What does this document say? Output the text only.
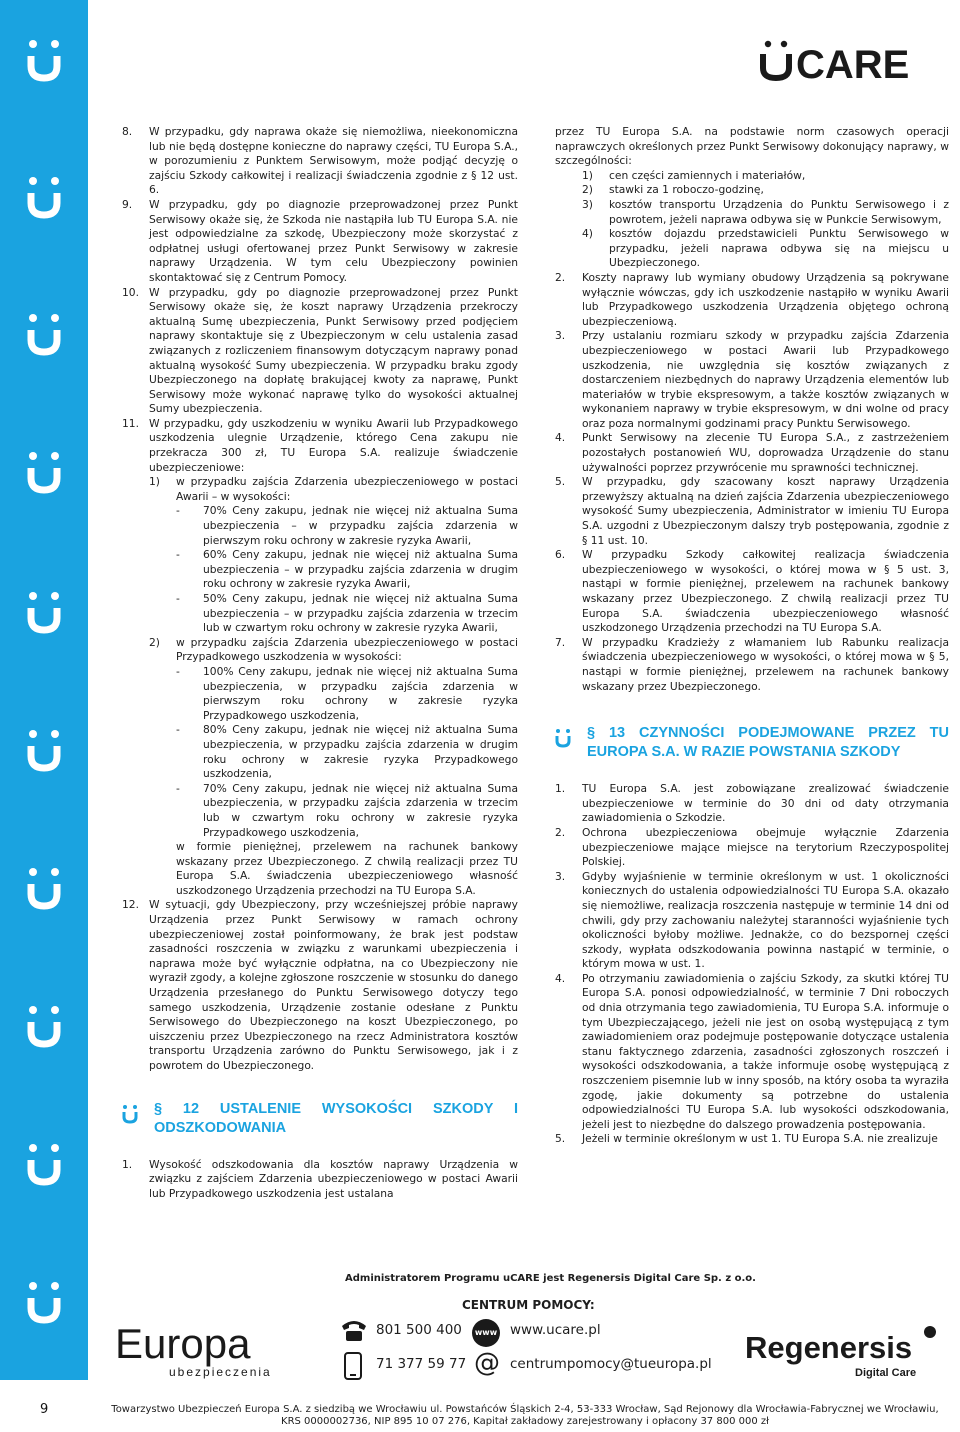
9
CARE
8. W przypadku, gdy naprawa okaże się niemożliwa, nieekonomiczna lub nie będą dostępne konieczne do naprawy części, TU Europa S.A., w porozumieniu z Punktem Serwisowym, może podjąć decyzję o zajściu Szkody całkowitej i realizacji świadczenia zgodnie z § 12 ust. 6.
9. W przypadku, gdy po diagnozie przeprowadzonej przez Punkt Serwisowy okaże się, że Szkoda nie nastąpiła lub TU Europa S.A. nie jest odpowiedzialne za szkodę, Ubezpieczony może skorzystać z odpłatnej usługi ofertowanej przez Punkt Serwisowy w zakresie naprawy Urządzenia. W tym celu Ubezpieczony powinien skontaktować się z Centrum Pomocy.
10. W przypadku, gdy po diagnozie przeprowadzonej przez Punkt Serwisowy okaże się, że koszt naprawy Urządzenia przekroczy aktualną Sumę ubezpieczenia, Punkt Serwisowy przed podjęciem naprawy skontaktuje się z Ubezpieczonym w celu ustalenia zasad związanych z rozliczeniem finansowym dotyczącym naprawy ponad aktualną wysokość Sumy ubezpieczenia. W przypadku braku zgody Ubezpieczonego na dopłatę brakującej kwoty za naprawę, Punkt Serwisowy może wykonać naprawę tylko do wysokości aktualnej Sumy ubezpieczenia.
11. W przypadku, gdy uszkodzeniu w wyniku Awarii lub Przypadkowego uszkodzenia ulegnie Urządzenie, którego Cena zakupu nie przekracza 300 zł, TU Europa S.A. realizuje świadczenie ubezpieczeniowe:
1) w przypadku zajścia Zdarzenia ubezpieczeniowego w postaci Awarii – w wysokości:
- 70% Ceny zakupu, jednak nie więcej niż aktualna Suma ubezpieczenia – w przypadku zajścia zdarzenia w pierwszym roku ochrony w zakresie ryzyka Awarii,
- 60% Ceny zakupu, jednak nie więcej niż aktualna Suma ubezpieczenia – w przypadku zajścia zdarzenia w drugim roku ochrony w zakresie ryzyka Awarii,
- 50% Ceny zakupu, jednak nie więcej niż aktualna Suma ubezpieczenia – w przypadku zajścia zdarzenia w trzecim lub w czwartym roku ochrony w zakresie ryzyka Awarii,
2) w przypadku zajścia Zdarzenia ubezpieczeniowego w postaci Przypadkowego uszkodzenia w wysokości:
- 100% Ceny zakupu, jednak nie więcej niż aktualna Suma ubezpieczenia, w przypadku zajścia zdarzenia w pierwszym roku ochrony w zakresie ryzyka Przypadkowego uszkodzenia,
- 80% Ceny zakupu, jednak nie więcej niż aktualna Suma ubezpieczenia, w przypadku zajścia zdarzenia w drugim roku ochrony w zakresie ryzyka Przypadkowego uszkodzenia,
- 70% Ceny zakupu, jednak nie więcej niż aktualna Suma ubezpieczenia, w przypadku zajścia zdarzenia w trzecim lub w czwartym roku ochrony w zakresie ryzyka Przypadkowego uszkodzenia,
w formie pieniężnej, przelewem na rachunek bankowy wskazany przez Ubezpieczonego. Z chwilą realizacji przez TU Europa S.A. świadczenia ubezpieczeniowego własność uszkodzonego Urządzenia przechodzi na TU Europa S.A.
12. W sytuacji, gdy Ubezpieczony, przy wcześniejszej próbie naprawy Urządzenia przez Punkt Serwisowy w ramach ochrony ubezpieczeniowej został poinformowany, że brak jest podstaw zasadności roszczenia w związku z warunkami ubezpieczenia i naprawa może być wyłącznie odpłatna, na co Ubezpieczony nie wyraził zgody, a kolejne zgłoszone roszczenie w stosunku do danego Urządzenia przesłanego do Punktu Serwisowego dotyczy tego samego uszkodzenia, Urządzenie zostanie odesłane z Punktu Serwisowego do Ubezpieczonego na koszt Ubezpieczonego, po uiszczeniu przez Ubezpieczonego na rzecz Administratora kosztów transportu Urządzenia zarówno do Punktu Serwisowego, jak i z powrotem do Ubezpieczonego.
§ 12 USTALENIE WYSOKOŚCI SZKODY I ODSZKODOWANIA
1. Wysokość odszkodowania dla kosztów naprawy Urządzenia w związku z zajściem Zdarzenia ubezpieczeniowego w postaci Awarii lub Przypadkowego uszkodzenia jest ustalana
przez TU Europa S.A. na podstawie norm czasowych operacji naprawczych określonych przez Punkt Serwisowy dokonujący naprawy, w szczególności:
1) cen części zamiennych i materiałów,
2) stawki za 1 roboczo-godzinę,
3) kosztów transportu Urządzenia do Punktu Serwisowego i z powrotem, jeżeli naprawa odbywa się w Punkcie Serwisowym,
4) kosztów dojazdu przedstawicieli Punktu Serwisowego w przypadku, jeżeli naprawa odbywa się na miejscu u Ubezpieczonego.
2. Koszty naprawy lub wymiany obudowy Urządzenia są pokrywane wyłącznie wówczas, gdy ich uszkodzenie nastąpiło w wyniku Awarii lub Przypadkowego uszkodzenia Urządzenia objętego ochroną ubezpieczeniową.
3. Przy ustalaniu rozmiaru szkody w przypadku zajścia Zdarzenia ubezpieczeniowego w postaci Awarii lub Przypadkowego uszkodzenia, nie uwzględnia się kosztów związanych z dostarczeniem niezbędnych do naprawy Urządzenia elementów lub materiałów w trybie ekspresowym, a także kosztów związanych w wykonaniem naprawy w trybie ekspresowym, w dni wolne od pracy oraz poza normalnymi godzinami pracy Punktu Serwisowego.
4. Punkt Serwisowy na zlecenie TU Europa S.A., z zastrzeżeniem pozostałych postanowień WU, doprowadza Urządzenie do stanu używalności poprzez przywrócenie mu sprawności technicznej.
5. W przypadku, gdy szacowany koszt naprawy Urządzenia przewyższy aktualną na dzień zajścia Zdarzenia ubezpieczeniowego wysokość Sumy ubezpieczenia, Administrator w imieniu TU Europa S.A. uzgodni z Ubezpieczonym dalszy tryb postępowania, zgodnie z § 11 ust. 10.
6. W przypadku Szkody całkowitej realizacja świadczenia ubezpieczeniowego w wysokości, o której mowa w § 5 ust. 3, nastąpi w formie pieniężnej, przelewem na rachunek bankowy wskazany przez Ubezpieczonego. Z chwilą realizacji przez TU Europa S.A. świadczenia ubezpieczeniowego własność uszkodzonego Urządzenia przechodzi na TU Europa S.A.
7. W przypadku Kradzieży z włamaniem lub Rabunku realizacja świadczenia ubezpieczeniowego w wysokości, o której mowa w § 5, nastąpi w formie pieniężnej, przelewem na rachunek bankowy wskazany przez Ubezpieczonego.
§ 13 CZYNNOŚCI PODEJMOWANE PRZEZ TU EUROPA S.A. W RAZIE POWSTANIA SZKODY
1. TU Europa S.A. jest zobowiązane zrealizować świadczenie ubezpieczeniowe w terminie do 30 dni od daty otrzymania zawiadomienia o Szkodzie.
2. Ochrona ubezpieczeniowa obejmuje wyłącznie Zdarzenia ubezpieczeniowe mające miejsce na terytorium Rzeczypospolitej Polskiej.
3. Gdyby wyjaśnienie w terminie określonym w ust. 1 okoliczności koniecznych do ustalenia odpowiedzialności TU Europa S.A. okazało się niemożliwe, realizacja roszczenia następuje w terminie 14 dni od chwili, gdy przy zachowaniu należytej staranności wyjaśnienie tych okoliczności byłoby możliwe. Jednakże, co do bezspornej części szkody, wypłata odszkodowania powinna nastąpić w terminie, o którym mowa w ust. 1.
4. Po otrzymaniu zawiadomienia o zajściu Szkody, za skutki której TU Europa S.A. ponosi odpowiedzialność, w terminie 7 Dni roboczych od dnia otrzymania tego zawiadomienia, TU Europa S.A. informuje o tym Ubezpieczającego, jeżeli nie jest on osobą występującą z tym zawiadomieniem oraz podejmuje postępowanie dotyczące ustalenia stanu faktycznego zdarzenia, zasadności zgłoszonych roszczeń i wysokości odszkodowania, a także informuje osobę występującą z roszczeniem pisemnie lub w inny sposób, na który osoba ta wyraziła zgodę, jakie dokumenty są potrzebne do ustalenia odpowiedzialności TU Europa S.A. lub wysokości odszkodowania, jeżeli jest to niezbędne do dalszego prowadzenia postępowania.
5. Jeżeli w terminie określonym w ust 1. TU Europa S.A. nie zrealizuje
Administratorem Programu uCARE jest Regenersis Digital Care Sp. z o.o.
CENTRUM POMOCY:
801 500 400	www www.ucare.pl
71 377 59 77 @ centrumpomocy@tueuropa.pl
Europa
ubezpieczenia
Regenersis
Digital Care
Towarzystwo Ubezpieczeń Europa S.A. z siedzibą we Wrocławiu ul. Powstańców Śląskich 2-4, 53-333 Wrocław, Sąd Rejonowy dla Wrocławia-Fabrycznej we Wrocławiu,
KRS 0000002736, NIP 895 10 07 276, Kapitał zakładowy zarejestrowany i opłacony 37 800 000 zł
